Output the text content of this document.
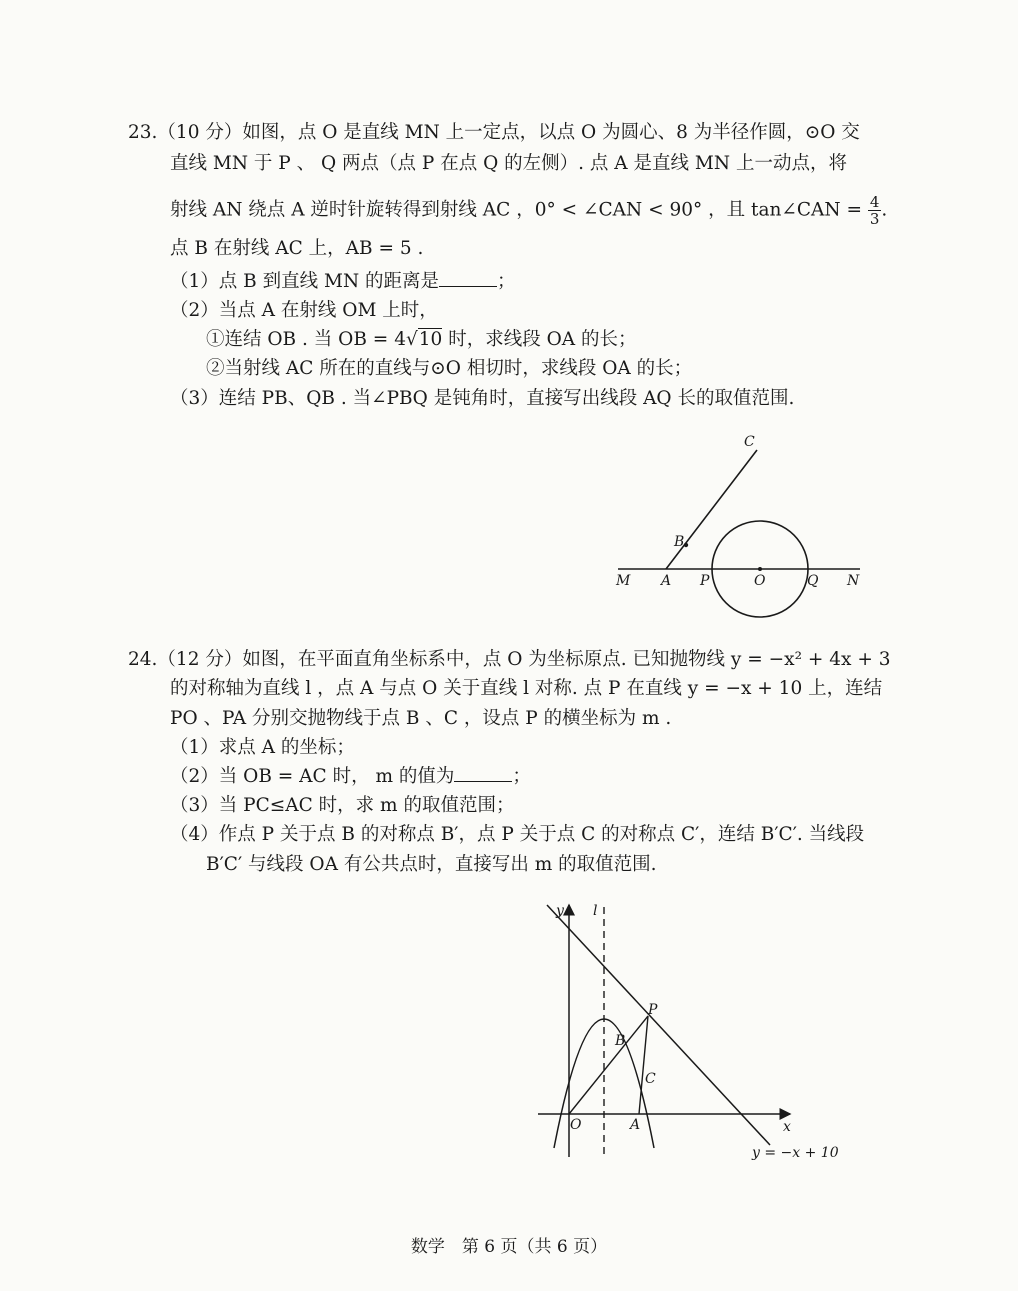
23.（10 分）如图，点 O 是直线 MN 上一定点，以点 O 为圆心、8 为半径作圆，⊙O 交
直线 MN 于 P 、 Q 两点（点 P 在点 Q 的左侧）. 点 A 是直线 MN 上一动点，将
射线 AN 绕点 A 逆时针旋转得到射线 AC ，0° < ∠CAN < 90° ，且 tan∠CAN = $\frac{4}{3}$ .
点 B 在射线 AC 上，AB = 5 .
（1）点 B 到直线 MN 的距离是	；
（2）当点 A 在射线 OM 上时，
①连结 OB . 当 OB = 4√10 时，求线段 OA 的长；
②当射线 AC 所在的直线与⊙O 相切时，求线段 OA 的长；
（3）连结 PB、QB . 当∠PBQ 是钝角时，直接写出线段 AQ 长的取值范围.
C
B
M A P	O	Q N
24.（12 分）如图，在平面直角坐标系中，点 O 为坐标原点. 已知抛物线 y = −x² + 4x + 3
的对称轴为直线 l ，点 A 与点 O 关于直线 l 对称. 点 P 在直线 y = −x + 10 上，连结
PO 、PA 分别交抛物线于点 B 、C ，设点 P 的横坐标为 m .
（1）求点 A 的坐标；
（2）当 OB = AC 时， m 的值为	；
（3）当 PC≤AC 时，求 m 的取值范围；
（4）作点 P 关于点 B 的对称点 B′，点 P 关于点 C 的对称点 C′，连结 B′C′. 当线段
B′C′ 与线段 OA 有公共点时，直接写出 m 的取值范围.
y l
x
O	A
B
C
P
y = −x + 10
数学　第 6 页（共 6 页）
